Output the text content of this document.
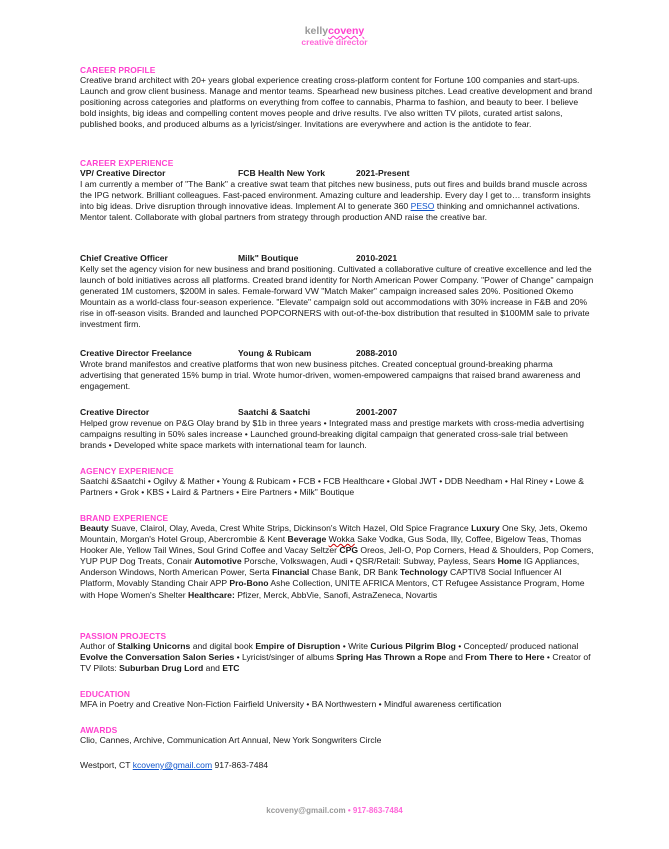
kellycoveny
creative director
CAREER PROFILE
Creative brand architect with 20+ years global experience creating cross-platform content for Fortune 100 companies and start-ups. Launch and grow client business. Manage and mentor teams. Spearhead new business pitches. Lead creative development and brand positioning across categories and platforms on everything from coffee to cannabis, Pharma to fashion, and beauty to beer. I believe bold insights, big ideas and compelling content moves people and drive results. I've also written TV pilots, curated artist salons, published books, and produced albums as a lyricist/singer. Invitations are everywhere and action is the antidote to fear.
CAREER EXPERIENCE
VP/ Creative Director	FCB Health New York	2021-Present
I am currently a member of "The Bank" a creative swat team that pitches new business, puts out fires and builds brand muscle across the IPG network. Brilliant colleagues. Fast-paced environment. Amazing culture and leadership. Every day I get to… transform insights into big ideas. Drive disruption through innovative ideas. Implement AI to generate 360 PESO thinking and omnichannel activations. Mentor talent. Collaborate with global partners from strategy through production AND raise the creative bar.
Chief Creative Officer	Milk" Boutique	2010-2021
Kelly set the agency vision for new business and brand positioning. Cultivated a collaborative culture of creative excellence and led the launch of bold initiatives across all platforms. Created brand identity for North American Power Company. "Power of Change" campaign generated 1M customers, $200M in sales. Female-forward VW "Match Maker" campaign increased sales 20%. Positioned Okemo Mountain as a world-class four-season experience. "Elevate" campaign sold out accommodations with 30% increase in F&B and 20% rise in off-season visits. Branded and launched POPCORNERS with out-of-the-box distribution that resulted in $100MM sale to private investment firm.
Creative Director Freelance	Young & Rubicam	2088-2010
Wrote brand manifestos and creative platforms that won new business pitches. Created conceptual ground-breaking pharma advertising that generated 15% bump in trial. Wrote humor-driven, women-empowered campaigns that raised brand awareness and engagement.
Creative Director	Saatchi & Saatchi	2001-2007
Helped grow revenue on P&G Olay brand by $1b in three years • Integrated mass and prestige markets with cross-media advertising campaigns resulting in 50% sales increase • Launched ground-breaking digital campaign that generated cross-sale trial between brands • Developed white space markets with international team for launch.
AGENCY EXPERIENCE
Saatchi &Saatchi • Ogilvy & Mather • Young & Rubicam • FCB • FCB Healthcare • Global JWT • DDB Needham • Hal Riney • Lowe & Partners • Grok • KBS • Laird & Partners • Eire Partners • Milk" Boutique
BRAND EXPERIENCE
Beauty Suave, Clairol, Olay, Aveda, Crest White Strips, Dickinson's Witch Hazel, Old Spice Fragrance Luxury One Sky, Jets, Okemo Mountain, Morgan's Hotel Group, Abercrombie & Kent Beverage Wokka Sake Vodka, Gus Soda, Illy, Coffee, Bigelow Teas, Thomas Hooker Ale, Yellow Tail Wines, Soul Grind Coffee and Vacay Seltzer CPG Oreos, Jell-O, Pop Corners, Head & Shoulders, Pop Comers, YUP PUP Dog Treats, Conair Automotive Porsche, Volkswagen, Audi • QSR/Retail: Subway, Payless, Sears Home IG Appliances, Anderson Windows, North American Power, Serta Financial Chase Bank, DR Bank Technology CAPTIV8 Social Influencer AI Platform, Movably Standing Chair APP Pro-Bono Ashe Collection, UNITE AFRICA Mentors, CT Refugee Assistance Program, Home with Hope Women's Shelter Healthcare: Pfizer, Merck, AbbVie, Sanofi, AstraZeneca, Novartis
PASSION PROJECTS
Author of Stalking Unicorns and digital book Empire of Disruption • Write Curious Pilgrim Blog • Concepted/ produced national Evolve the Conversation Salon Series • Lyricist/singer of albums Spring Has Thrown a Rope and From There to Here • Creator of TV Pilots: Suburban Drug Lord and ETC
EDUCATION
MFA in Poetry and Creative Non-Fiction Fairfield University • BA Northwestern • Mindful awareness certification
AWARDS
Clio, Cannes, Archive, Communication Art Annual, New York Songwriters Circle
Westport, CT kcoveny@gmail.com 917-863-7484
kcoveny@gmail.com • 917-863-7484
